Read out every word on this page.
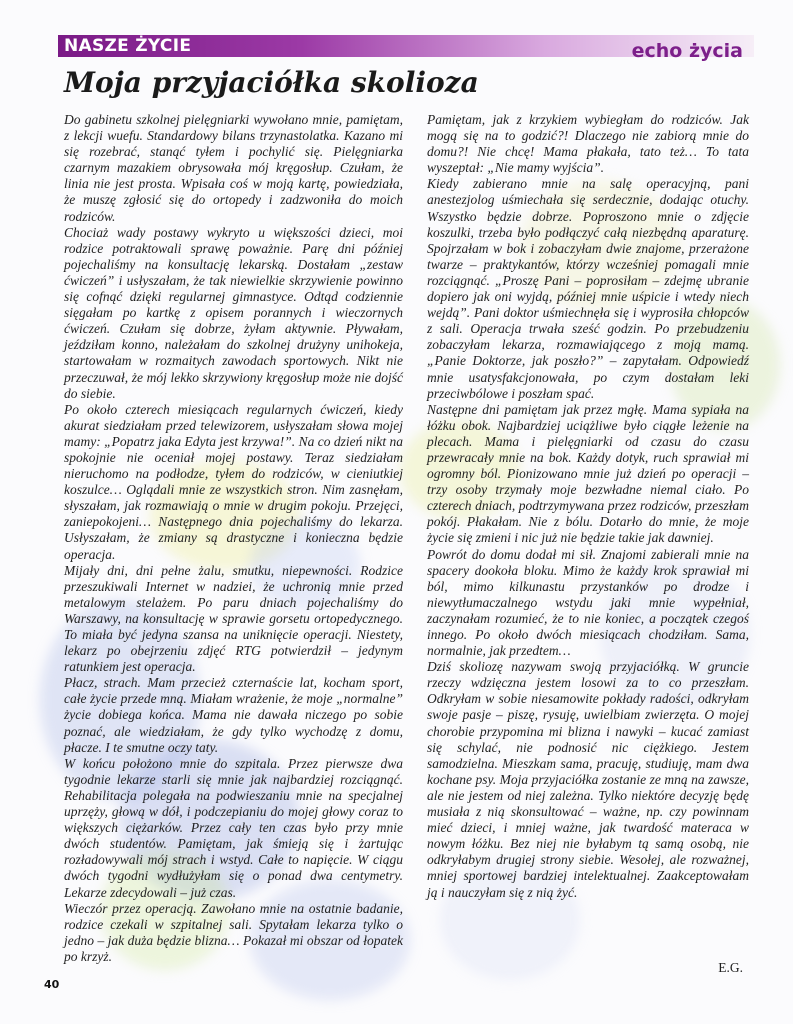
NASZE ŻYCIE	echo życia
Moja przyjaciółka skolioza

Do gabinetu szkolnej pielęgniarki wywołano mnie, pamiętam, z lekcji wuefu. Standardowy bilans trzynastolatka. Kazano mi się rozebrać, stanąć tyłem i pochylić się. Pielęgniarka czarnym mazakiem obrysowała mój kręgosłup. Czułam, że linia nie jest prosta. Wpisała coś w moją kartę, powiedziała, że muszę zgłosić się do ortopedy i zadzwoniła do moich rodziców.

Chociaż wady postawy wykryto u większości dzieci, moi rodzice potraktowali sprawę poważnie. Parę dni później pojechaliśmy na konsultację lekarską. Dostałam „zestaw ćwiczeń” i usłyszałam, że tak niewielkie skrzywienie powinno się cofnąć dzięki regularnej gimnastyce. Odtąd codziennie sięgałam po kartkę z opisem porannych i wieczornych ćwiczeń. Czułam się dobrze, żyłam aktywnie. Pływałam, jeździłam konno, należałam do szkolnej drużyny unihokeja, startowałam w rozmaitych zawodach sportowych. Nikt nie przeczuwał, że mój lekko skrzywiony kręgosłup może nie dojść do siebie.

Po około czterech miesiącach regularnych ćwiczeń, kiedy akurat siedziałam przed telewizorem, usłyszałam słowa mojej mamy: „Popatrz jaka Edyta jest krzywa!”. Na co dzień nikt na spokojnie nie oceniał mojej postawy. Teraz siedziałam nieruchomo na podłodze, tyłem do rodziców, w cieniutkiej koszulce… Oglądali mnie ze wszystkich stron. Nim zasnęłam, słyszałam, jak rozmawiają o mnie w drugim pokoju. Przejęci, zaniepokojeni… Następnego dnia pojechaliśmy do lekarza. Usłyszałam, że zmiany są drastyczne i konieczna będzie operacja.

Mijały dni, dni pełne żalu, smutku, niepewności. Rodzice przeszukiwali Internet w nadziei, że uchronią mnie przed metalowym stelażem. Po paru dniach pojechaliśmy do Warszawy, na konsultację w sprawie gorsetu ortopedycznego. To miała być jedyna szansa na uniknięcie operacji. Niestety, lekarz po obejrzeniu zdjęć RTG potwierdził – jedynym ratunkiem jest operacja.

Płacz, strach. Mam przecież czternaście lat, kocham sport, całe życie przede mną. Miałam wrażenie, że moje „normalne” życie dobiega końca. Mama nie dawała niczego po sobie poznać, ale wiedziałam, że gdy tylko wychodzę z domu, płacze. I te smutne oczy taty.

W końcu położono mnie do szpitala. Przez pierwsze dwa tygodnie lekarze starli się mnie jak najbardziej rozciągnąć. Rehabilitacja polegała na podwieszaniu mnie na specjalnej uprzęży, głową w dół, i podczepianiu do mojej głowy coraz to większych ciężarków. Przez cały ten czas było przy mnie dwóch studentów. Pamiętam, jak śmieją się i żartując rozładowywali mój strach i wstyd. Całe to napięcie. W ciągu dwóch tygodni wydłużyłam się o ponad dwa centymetry. Lekarze zdecydowali – już czas.

Wieczór przez operacją. Zawołano mnie na ostatnie badanie, rodzice czekali w szpitalnej sali. Spytałam lekarza tylko o jedno – jak duża będzie blizna… Pokazał mi obszar od łopatek po krzyż.

Pamiętam, jak z krzykiem wybiegłam do rodziców. Jak mogą się na to godzić?! Dlaczego nie zabiorą mnie do domu?! Nie chcę! Mama płakała, tato też… To tata wyszeptał: „Nie mamy wyjścia”.

Kiedy zabierano mnie na salę operacyjną, pani anestezjolog uśmiechała się serdecznie, dodając otuchy. Wszystko będzie dobrze. Poproszono mnie o zdjęcie koszulki, trzeba było podłączyć całą niezbędną aparaturę. Spojrzałam w bok i zobaczyłam dwie znajome, przerażone twarze – praktykantów, którzy wcześniej pomagali mnie rozciągnąć. „Proszę Pani – poprosiłam – zdejmę ubranie dopiero jak oni wyjdą, później mnie uśpicie i wtedy niech wejdą”. Pani doktor uśmiechnęła się i wyprosiła chłopców z sali. Operacja trwała sześć godzin. Po przebudzeniu zobaczyłam lekarza, rozmawiającego z moją mamą. „Panie Doktorze, jak poszło?” – zapytałam. Odpowiedź mnie usatysfakcjonowała, po czym dostałam leki przeciwbólowe i poszłam spać.

Następne dni pamiętam jak przez mgłę. Mama sypiała na łóżku obok. Najbardziej uciążliwe było ciągłe leżenie na plecach. Mama i pielęgniarki od czasu do czasu przewracały mnie na bok. Każdy dotyk, ruch sprawiał mi ogromny ból. Pionizowano mnie już dzień po operacji – trzy osoby trzymały moje bezwładne niemal ciało. Po czterech dniach, podtrzymywana przez rodziców, przeszłam pokój. Płakałam. Nie z bólu. Dotarło do mnie, że moje życie się zmieni i nic już nie będzie takie jak dawniej.

Powrót do domu dodał mi sił. Znajomi zabierali mnie na spacery dookoła bloku. Mimo że każdy krok sprawiał mi ból, mimo kilkunastu przystanków po drodze i niewytłumaczalnego wstydu jaki mnie wypełniał, zaczynałam rozumieć, że to nie koniec, a początek czegoś innego. Po około dwóch miesiącach chodziłam. Sama, normalnie, jak przedtem…

Dziś skoliozę nazywam swoją przyjaciółką. W gruncie rzeczy wdzięczna jestem losowi za to co przeszłam. Odkryłam w sobie niesamowite pokłady radości, odkryłam swoje pasje – piszę, rysuję, uwielbiam zwierzęta. O mojej chorobie przypomina mi blizna i nawyki – kucać zamiast się schylać, nie podnosić nic ciężkiego. Jestem samodzielna. Mieszkam sama, pracuję, studiuję, mam dwa kochane psy. Moja przyjaciółka zostanie ze mną na zawsze, ale nie jestem od niej zależna. Tylko niektóre decyzję będę musiała z nią skonsultować – ważne, np. czy powinnam mieć dzieci, i mniej ważne, jak twardość materaca w nowym łóżku. Bez niej nie byłabym tą samą osobą, nie odkryłabym drugiej strony siebie. Wesołej, ale rozważnej, mniej sportowej bardziej intelektualnej. Zaakceptowałam ją i nauczyłam się z nią żyć.

E.G.
40
